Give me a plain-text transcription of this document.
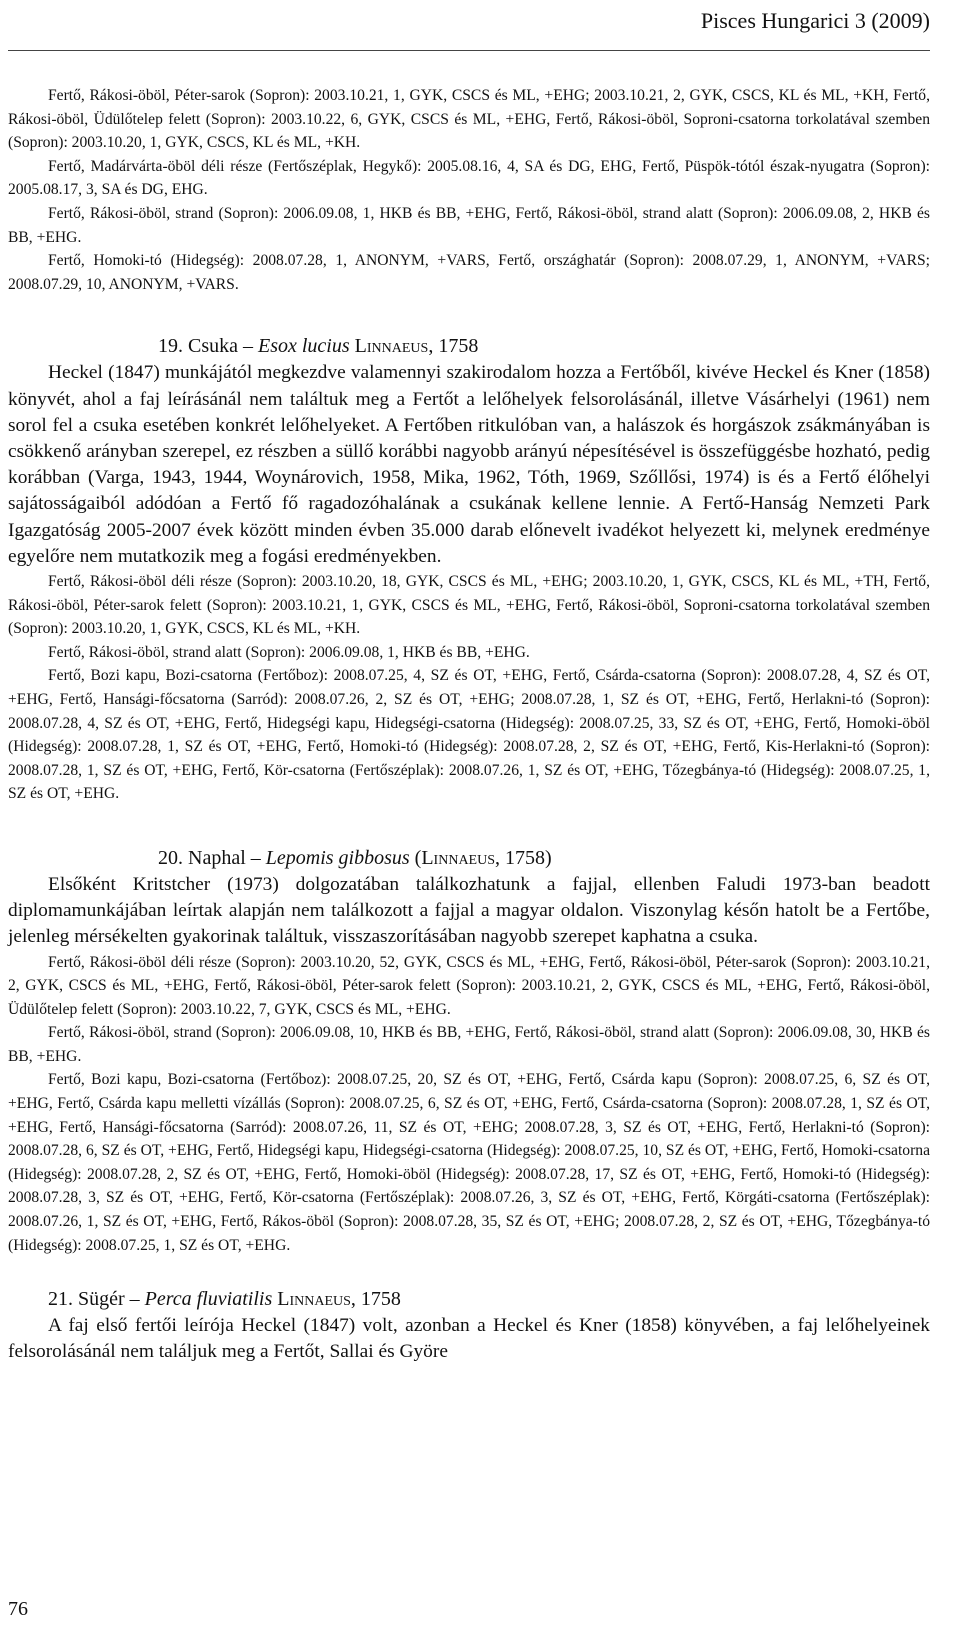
Pisces Hungarici 3 (2009)

Fertő, Rákosi-öböl, Péter-sarok (Sopron): 2003.10.21, 1, GYK, CSCS és ML, +EHG; 2003.10.21, 2, GYK, CSCS, KL és ML, +KH, Fertő, Rákosi-öböl, Üdülőtelep felett (Sopron): 2003.10.22, 6, GYK, CSCS és ML, +EHG, Fertő, Rákosi-öböl, Soproni-csatorna torkolatával szemben (Sopron): 2003.10.20, 1, GYK, CSCS, KL és ML, +KH.

Fertő, Madárvárta-öböl déli része (Fertőszéplak, Hegykő): 2005.08.16, 4, SA és DG, EHG, Fertő, Püspök-tótól észak-nyugatra (Sopron): 2005.08.17, 3, SA és DG, EHG.

Fertő, Rákosi-öböl, strand (Sopron): 2006.09.08, 1, HKB és BB, +EHG, Fertő, Rákosi-öböl, strand alatt (Sopron): 2006.09.08, 2, HKB és BB, +EHG.

Fertő, Homoki-tó (Hidegség): 2008.07.28, 1, ANONYM, +VARS, Fertő, országhatár (Sopron): 2008.07.29, 1, ANONYM, +VARS; 2008.07.29, 10, ANONYM, +VARS.

19. Csuka – Esox lucius Linnaeus, 1758

Heckel (1847) munkájától megkezdve valamennyi szakirodalom hozza a Fertőből, kivéve Heckel és Kner (1858) könyvét, ahol a faj leírásánál nem találtuk meg a Fertőt a lelőhelyek felsorolásánál, illetve Vásárhelyi (1961) nem sorol fel a csuka esetében konkrét lelőhelyeket. A Fertőben ritkulóban van, a halászok és horgászok zsákmányában is csökkenő arányban szerepel, ez részben a süllő korábbi nagyobb arányú népesítésével is összefüggésbe hozható, pedig korábban (Varga, 1943, 1944, Woynárovich, 1958, Mika, 1962, Tóth, 1969, Szőllősi, 1974) is és a Fertő élőhelyi sajátosságaiból adódóan a Fertő fő ragadozóhalának a csukának kellene lennie. A Fertő-Hanság Nemzeti Park Igazgatóság 2005-2007 évek között minden évben 35.000 darab előnevelt ivadékot helyezett ki, melynek eredménye egyelőre nem mutatkozik meg a fogási eredményekben.

Fertő, Rákosi-öböl déli része (Sopron): 2003.10.20, 18, GYK, CSCS és ML, +EHG; 2003.10.20, 1, GYK, CSCS, KL és ML, +TH, Fertő, Rákosi-öböl, Péter-sarok felett (Sopron): 2003.10.21, 1, GYK, CSCS és ML, +EHG, Fertő, Rákosi-öböl, Soproni-csatorna torkolatával szemben (Sopron): 2003.10.20, 1, GYK, CSCS, KL és ML, +KH.

Fertő, Rákosi-öböl, strand alatt (Sopron): 2006.09.08, 1, HKB és BB, +EHG.

Fertő, Bozi kapu, Bozi-csatorna (Fertőboz): 2008.07.25, 4, SZ és OT, +EHG, Fertő, Csárda-csatorna (Sopron): 2008.07.28, 4, SZ és OT, +EHG, Fertő, Hansági-főcsatorna (Sarród): 2008.07.26, 2, SZ és OT, +EHG; 2008.07.28, 1, SZ és OT, +EHG, Fertő, Herlakni-tó (Sopron): 2008.07.28, 4, SZ és OT, +EHG, Fertő, Hidegségi kapu, Hidegségi-csatorna (Hidegség): 2008.07.25, 33, SZ és OT, +EHG, Fertő, Homoki-öböl (Hidegség): 2008.07.28, 1, SZ és OT, +EHG, Fertő, Homoki-tó (Hidegség): 2008.07.28, 2, SZ és OT, +EHG, Fertő, Kis-Herlakni-tó (Sopron): 2008.07.28, 1, SZ és OT, +EHG, Fertő, Kör-csatorna (Fertőszéplak): 2008.07.26, 1, SZ és OT, +EHG, Tőzegbánya-tó (Hidegség): 2008.07.25, 1, SZ és OT, +EHG.

20. Naphal – Lepomis gibbosus (Linnaeus, 1758)

Elsőként Kritstcher (1973) dolgozatában találkozhatunk a fajjal, ellenben Faludi 1973-ban beadott diplomamunkájában leírtak alapján nem találkozott a fajjal a magyar oldalon. Viszonylag későn hatolt be a Fertőbe, jelenleg mérsékelten gyakorinak találtuk, visszaszorításában nagyobb szerepet kaphatna a csuka.

Fertő, Rákosi-öböl déli része (Sopron): 2003.10.20, 52, GYK, CSCS és ML, +EHG, Fertő, Rákosi-öböl, Péter-sarok (Sopron): 2003.10.21, 2, GYK, CSCS és ML, +EHG, Fertő, Rákosi-öböl, Péter-sarok felett (Sopron): 2003.10.21, 2, GYK, CSCS és ML, +EHG, Fertő, Rákosi-öböl, Üdülőtelep felett (Sopron): 2003.10.22, 7, GYK, CSCS és ML, +EHG.

Fertő, Rákosi-öböl, strand (Sopron): 2006.09.08, 10, HKB és BB, +EHG, Fertő, Rákosi-öböl, strand alatt (Sopron): 2006.09.08, 30, HKB és BB, +EHG.

Fertő, Bozi kapu, Bozi-csatorna (Fertőboz): 2008.07.25, 20, SZ és OT, +EHG, Fertő, Csárda kapu (Sopron): 2008.07.25, 6, SZ és OT, +EHG, Fertő, Csárda kapu melletti vízállás (Sopron): 2008.07.25, 6, SZ és OT, +EHG, Fertő, Csárda-csatorna (Sopron): 2008.07.28, 1, SZ és OT, +EHG, Fertő, Hansági-főcsatorna (Sarród): 2008.07.26, 11, SZ és OT, +EHG; 2008.07.28, 3, SZ és OT, +EHG, Fertő, Herlakni-tó (Sopron): 2008.07.28, 6, SZ és OT, +EHG, Fertő, Hidegségi kapu, Hidegségi-csatorna (Hidegség): 2008.07.25, 10, SZ és OT, +EHG, Fertő, Homoki-csatorna (Hidegség): 2008.07.28, 2, SZ és OT, +EHG, Fertő, Homoki-öböl (Hidegség): 2008.07.28, 17, SZ és OT, +EHG, Fertő, Homoki-tó (Hidegség): 2008.07.28, 3, SZ és OT, +EHG, Fertő, Kör-csatorna (Fertőszéplak): 2008.07.26, 3, SZ és OT, +EHG, Fertő, Körgáti-csatorna (Fertőszéplak): 2008.07.26, 1, SZ és OT, +EHG, Fertő, Rákos-öböl (Sopron): 2008.07.28, 35, SZ és OT, +EHG; 2008.07.28, 2, SZ és OT, +EHG, Tőzegbánya-tó (Hidegség): 2008.07.25, 1, SZ és OT, +EHG.

21. Sügér – Perca fluviatilis Linnaeus, 1758

A faj első fertői leírója Heckel (1847) volt, azonban a Heckel és Kner (1858) könyvében, a faj lelőhelyeinek felsorolásánál nem találjuk meg a Fertőt, Sallai és Györe

76
